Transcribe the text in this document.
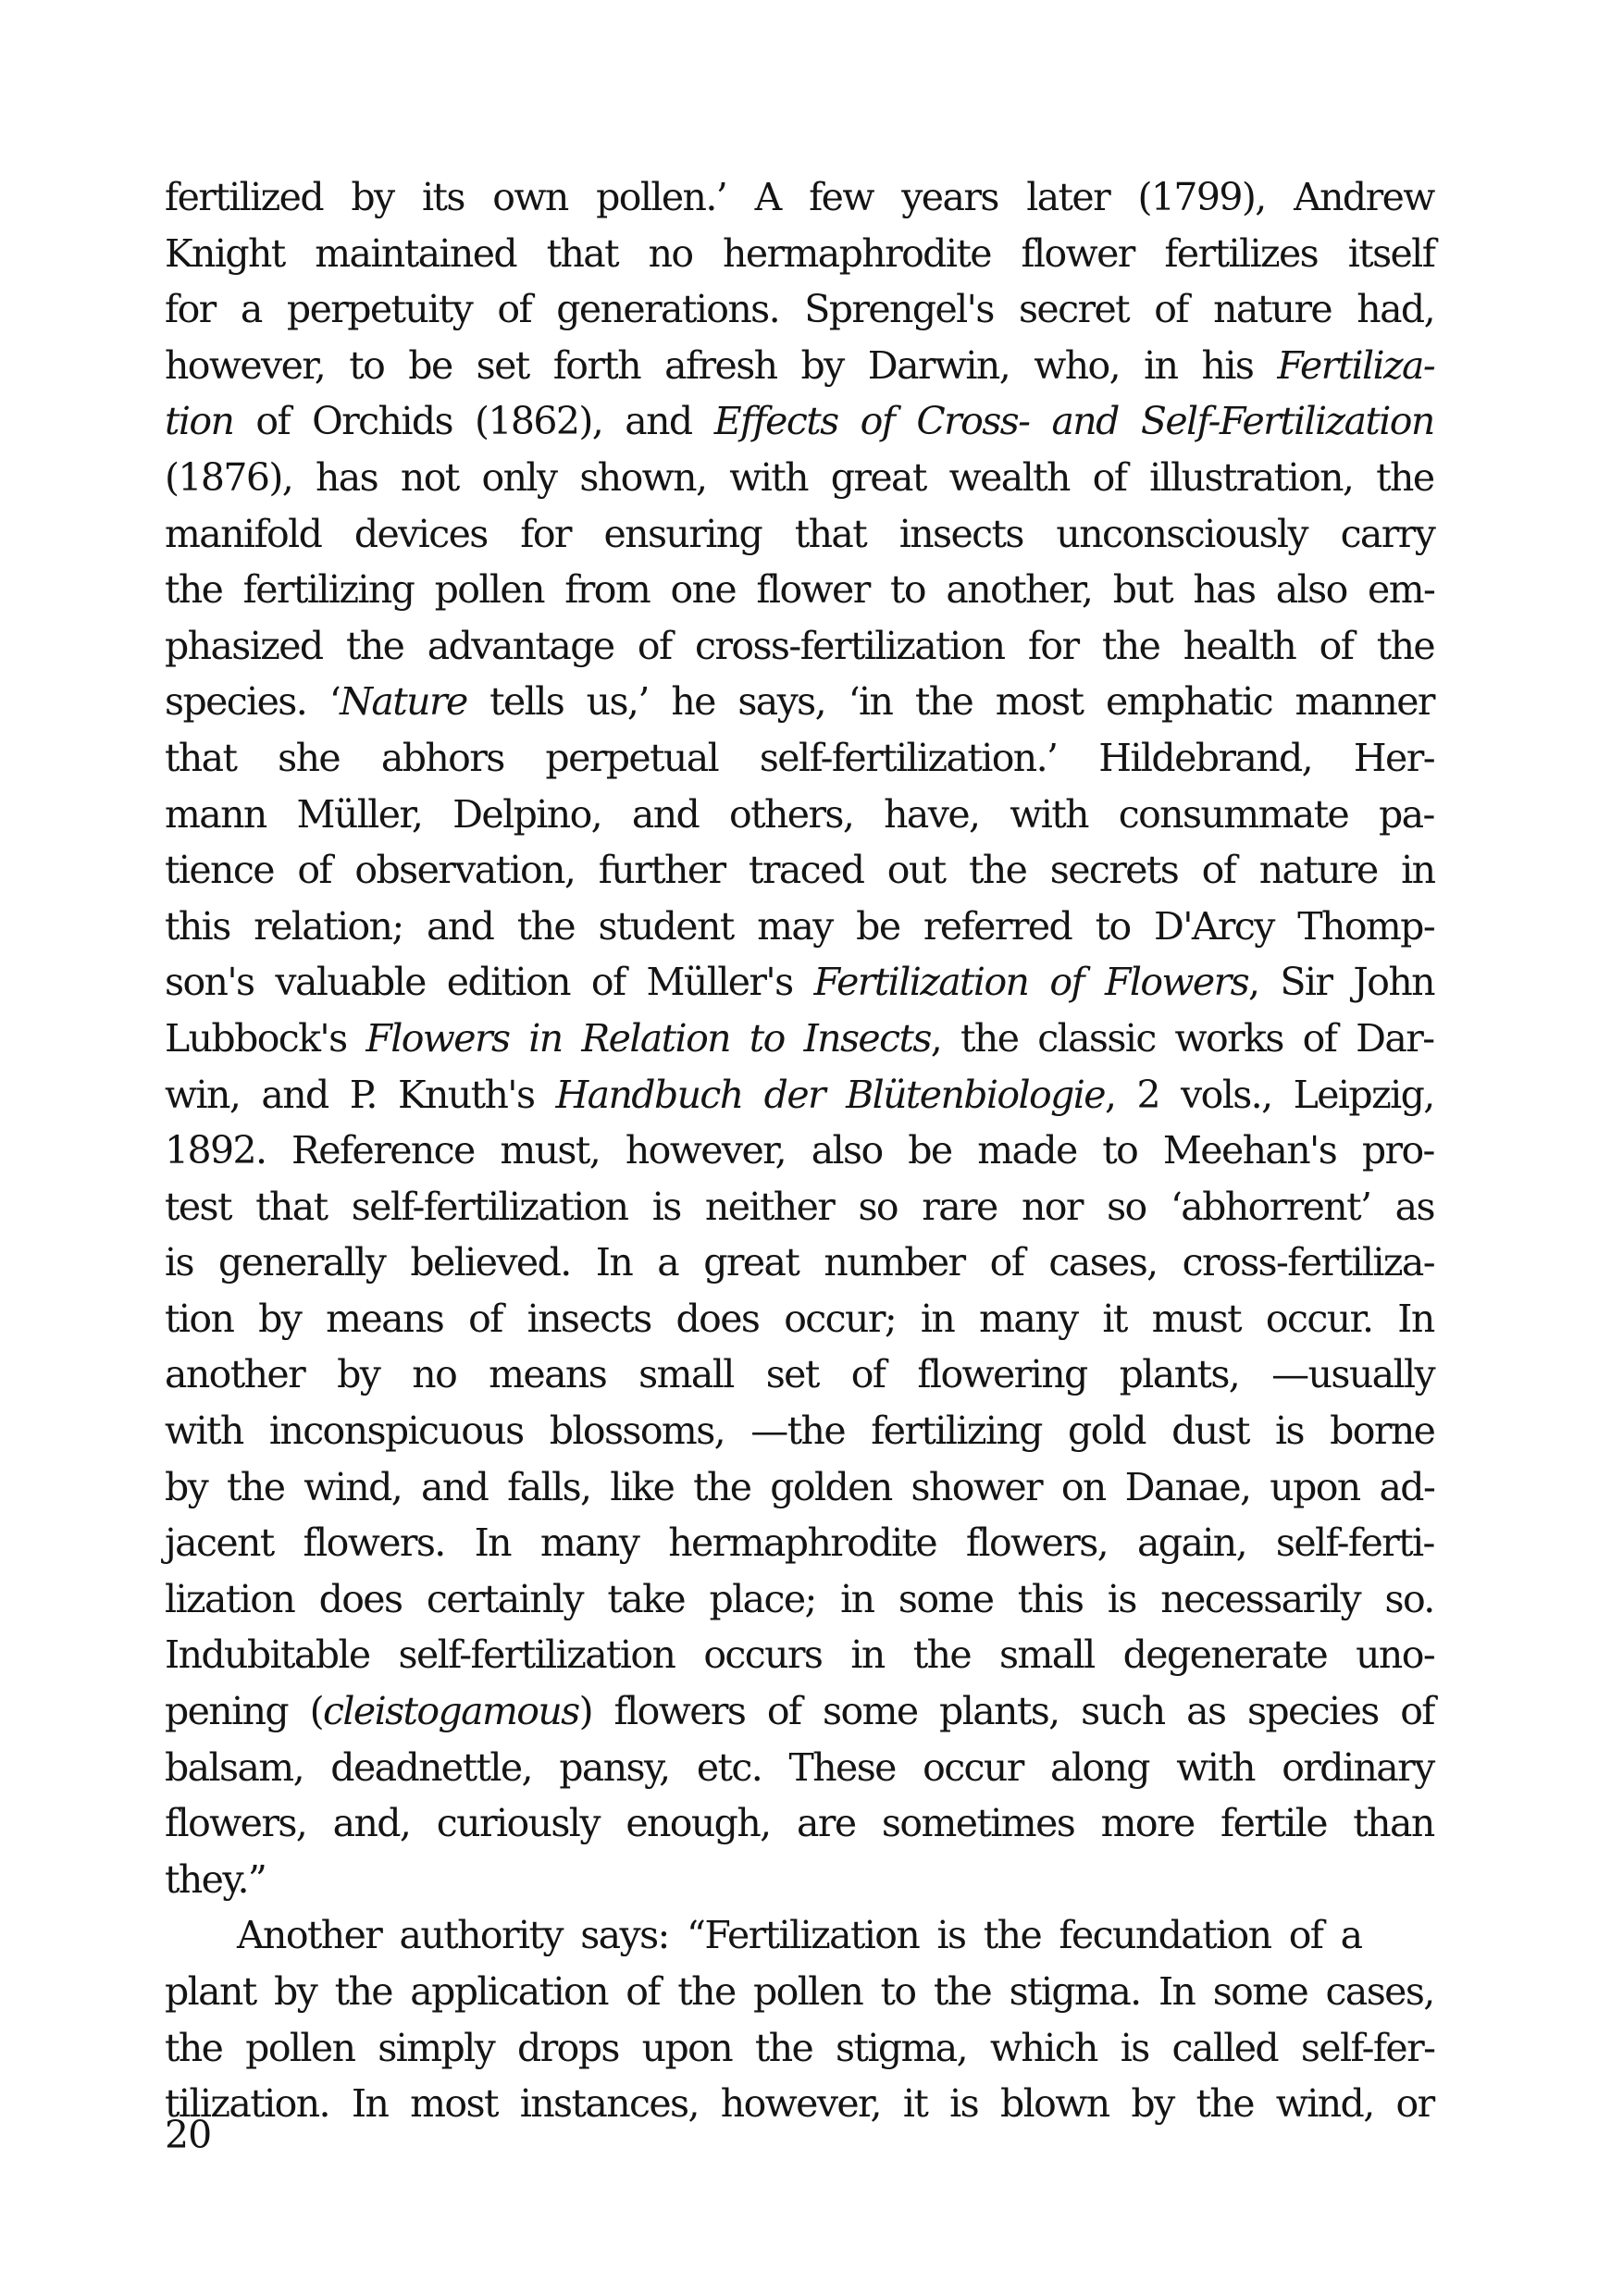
fertilized by its own pollen.’ A few years later (1799), Andrew
Knight maintained that no hermaphrodite flower fertilizes itself
for a perpetuity of generations. Sprengel's secret of nature had,
however, to be set forth afresh by Darwin, who, in his Fertiliza-
tion of Orchids (1862), and Effects of Cross- and Self-Fertilization
(1876), has not only shown, with great wealth of illustration, the
manifold devices for ensuring that insects unconsciously carry
the fertilizing pollen from one flower to another, but has also em-
phasized the advantage of cross-fertilization for the health of the
species. ‘Nature tells us,’ he says, ‘in the most emphatic manner
that she abhors perpetual self-fertilization.’ Hildebrand, Her-
mann Müller, Delpino, and others, have, with consummate pa-
tience of observation, further traced out the secrets of nature in
this relation; and the student may be referred to D'Arcy Thomp-
son's valuable edition of Müller's Fertilization of Flowers, Sir John
Lubbock's Flowers in Relation to Insects, the classic works of Dar-
win, and P. Knuth's Handbuch der Blütenbiologie, 2 vols., Leipzig,
1892. Reference must, however, also be made to Meehan's pro-
test that self-fertilization is neither so rare nor so ‘abhorrent’ as
is generally believed. In a great number of cases, cross-fertiliza-
tion by means of insects does occur; in many it must occur. In
another by no means small set of flowering plants, —usually
with inconspicuous blossoms, —the fertilizing gold dust is borne
by the wind, and falls, like the golden shower on Danae, upon ad-
jacent flowers. In many hermaphrodite flowers, again, self-ferti-
lization does certainly take place; in some this is necessarily so.
Indubitable self-fertilization occurs in the small degenerate uno-
pening (cleistogamous) flowers of some plants, such as species of
balsam, deadnettle, pansy, etc. These occur along with ordinary
flowers, and, curiously enough, are sometimes more fertile than
they.”
Another authority says: “Fertilization is the fecundation of a
plant by the application of the pollen to the stigma. In some cases,
the pollen simply drops upon the stigma, which is called self-fer-
tilization. In most instances, however, it is blown by the wind, or
20
